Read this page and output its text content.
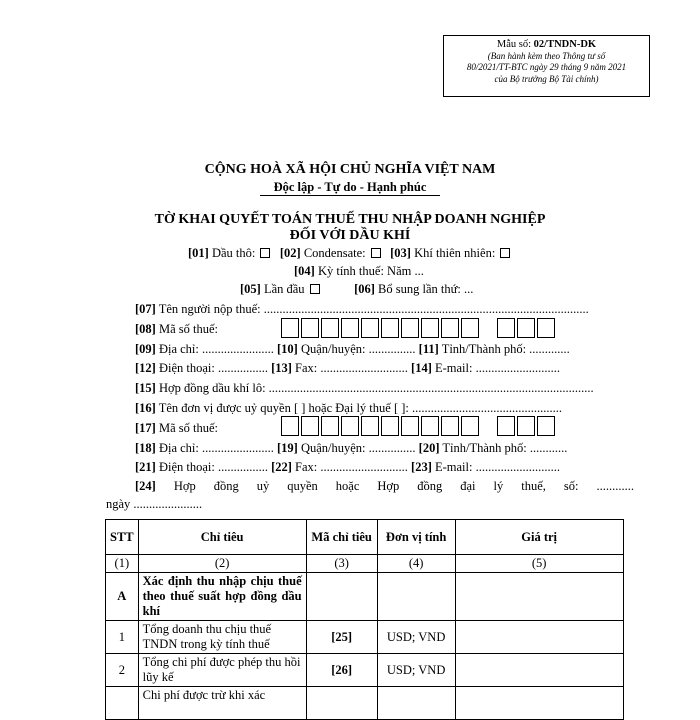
Mẫu số: 02/TNDN-DK
(Ban hành kèm theo Thông tư số
80/2021/TT-BTC ngày 29 tháng 9 năm 2021
của Bộ trưởng Bộ Tài chính)
CỘNG HOÀ XÃ HỘI CHỦ NGHĨA VIỆT NAM
Độc lập - Tự do - Hạnh phúc
TỜ KHAI QUYẾT TOÁN THUẾ THU NHẬP DOANH NGHIỆP
ĐỐI VỚI DẦU KHÍ
[01] Dầu thô:    [02] Condensate:    [03] Khí thiên nhiên:
[04] Kỳ tính thuế: Năm ...
[05] Lần đầu	[06] Bổ sung lần thứ: ...
[07] Tên người nộp thuế: ........................................................................................................
[08] Mã số thuế:
[09] Địa chỉ: ....................... [10] Quận/huyện: ............... [11] Tỉnh/Thành phố: .............
[12] Điện thoại: ................ [13] Fax: ............................ [14] E-mail: ...........................
[15] Hợp đồng dầu khí lô: ........................................................................................................
[16] Tên đơn vị được uỷ quyền [ ] hoặc Đại lý thuế [ ]: ................................................
[17] Mã số thuế:
[18] Địa chỉ: ....................... [19] Quận/huyện: ............... [20] Tỉnh/Thành phố: ............
[21] Điện thoại: ................ [22] Fax: ............................ [23] E-mail: ...........................
[24] Hợp đồng uỷ quyền hoặc Hợp đồng đại lý thuế, số: ............
ngày ......................
STT	Chỉ tiêu	Mã chỉ tiêu	Đơn vị tính	Giá trị
(1)	(2)	(3)	(4)	(5)
A	Xác định thu nhập chịu thuế theo thuế suất hợp đồng dầu khí			
1	Tổng doanh thu chịu thuế TNDN trong kỳ tính thuế	[25]	USD; VND	
2	Tổng chi phí được phép thu hồi lũy kế	[26]	USD; VND	
	Chi phí được trừ khi xác			
